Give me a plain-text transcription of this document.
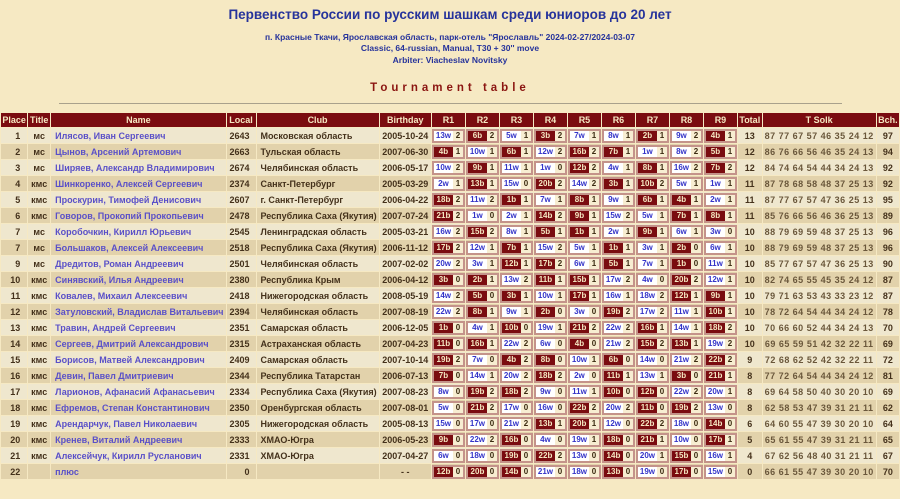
Первенство России по русским шашкам среди юниоров до 20 лет
п. Красные Ткачи, Ярославская область, парк-отель "Ярославль" 2024-02-27/2024-03-07
Classic, 64-russian, Manual, T30 + 30'' move
Arbiter: Viacheslav Novitsky
Tournament table
Place	Title	Name	Local	Club	Birthday	R1	R2	R3	R4	R5	R6	R7	R8	R9	Total	T Solk	Bch.
1	мс	Илясов, Иван Сергеевич	2643	Московская область	2005-10-24	13w 2	6b 2	5w 1	3b 2	7w 1	8w 1	2b 1	9w 2	4b 1	13	87 77 67 57 46 35 24 12	97
2	мс	Цынов, Арсений Артемович	2663	Тульская область	2007-06-30	4b 1	10w 1	6b 1	12w 2	16b 2	7b 1	1w 1	8w 2	5b 1	12	86 76 66 56 46 35 24 13	94
3	мс	Ширяев, Александр Владимирович	2674	Челябинская область	2006-05-17	10w 2	9b 1	11w 1	1w 0	12b 2	4w 1	8b 1	16w 2	7b 2	12	84 74 64 54 44 34 24 13	92
4	кмс	Шинкоренко, Алексей Сергеевич	2374	Санкт-Петербург	2005-03-29	2w 1	13b 1	15w 0	20b 2	14w 2	3b 1	10b 2	5w 1	1w 1	11	87 78 68 58 48 37 25 13	92
5	кмс	Проскурин, Тимофей Денисович	2607	г. Санкт-Петербург	2006-04-22	18b 2	11w 2	1b 1	7w 1	8b 1	9w 1	6b 1	4b 1	2w 1	11	87 77 67 57 47 36 25 13	95
6	кмс	Говоров, Прокопий Прокопьевич	2478	Республика Саха (Якутия)	2007-07-24	21b 2	1w 0	2w 1	14b 2	9b 1	15w 2	5w 1	7b 1	8b 1	11	85 76 66 56 46 36 25 13	89
7	мс	Коробочкин, Кирилл Юрьевич	2545	Ленинградская область	2005-03-21	16w 2	15b 2	8w 1	5b 1	1b 1	2w 1	9b 1	6w 1	3w 0	10	88 79 69 59 48 37 25 13	96
7	мс	Большаков, Алексей Алексеевич	2518	Республика Саха (Якутия)	2006-11-12	17b 2	12w 1	7b 1	15w 2	5w 1	1b 1	3w 1	2b 0	6w 1	10	88 79 69 59 48 37 25 13	96
9	мс	Дредитов, Роман Андреевич	2501	Челябинская область	2007-02-02	20w 2	3w 1	12b 1	17b 2	6w 1	5b 1	7w 1	1b 0	11w 1	10	85 77 67 57 47 36 25 13	90
10	кмс	Синявский, Илья Андреевич	2380	Республика Крым	2006-04-12	3b 0	2b 1	13w 2	11b 1	15b 1	17w 2	4w 0	20b 2	12w 1	10	82 74 65 55 45 35 24 12	87
11	кмс	Ковалев, Михаил Алексеевич	2418	Нижегородская область	2008-05-19	14w 2	5b 0	3b 1	10w 1	17b 1	16w 1	18w 2	12b 1	9b 1	10	79 71 63 53 43 33 23 12	87
12	кмс	Затуловский, Владислав Витальевич	2394	Челябинская область	2007-08-19	22w 2	8b 1	9w 1	2b 0	3w 0	19b 2	17w 2	11w 1	10b 1	10	78 72 64 54 44 34 24 12	78
13	кмс	Травин, Андрей Сергеевич	2351	Самарская область	2006-12-05	1b 0	4w 1	10b 0	19w 1	21b 2	22w 2	16b 1	14w 1	18b 2	10	70 66 60 52 44 34 24 13	70
14	кмс	Сергеев, Дмитрий Александрович	2315	Астраханская область	2007-04-23	11b 0	16b 1	22w 2	6w 0	4b 0	21w 2	15b 2	13b 1	19w 2	10	69 65 59 51 42 32 22 11	69
15	кмс	Борисов, Матвей Александрович	2409	Самарская область	2007-10-14	19b 2	7w 0	4b 2	8b 0	10w 1	6b 0	14w 0	21w 2	22b 2	9	72 68 62 52 42 32 22 11	72
16	кмс	Девин, Павел Дмитриевич	2344	Республика Татарстан	2006-07-13	7b 0	14w 1	20w 2	18b 2	2w 0	11b 1	13w 1	3b 0	21b 1	8	77 72 64 54 44 34 24 12	81
17	кмс	Ларионов, Афанасий Афанасьевич	2334	Республика Саха (Якутия)	2007-08-23	8w 0	19b 2	18b 2	9w 0	11w 1	10b 0	12b 0	22w 2	20w 1	8	69 64 58 50 40 30 20 10	69
18	кмс	Ефремов, Степан Константинович	2350	Оренбургская область	2007-08-01	5w 0	21b 2	17w 0	16w 0	22b 2	20w 2	11b 0	19b 2	13w 0	8	62 58 53 47 39 31 21 11	62
19	кмс	Арендарчук, Павел Николаевич	2305	Нижегородская область	2005-08-13	15w 0	17w 0	21w 2	13b 1	20b 1	12w 0	22b 2	18w 0	14b 0	6	64 60 55 47 39 30 20 10	64
20	кмс	Кренев, Виталий Андреевич	2333	ХМАО-Югра	2006-05-23	9b 0	22w 2	16b 0	4w 0	19w 1	18b 0	21b 1	10w 0	17b 1	5	65 61 55 47 39 31 21 11	65
21	кмс	Алексейчук, Кирилл Русланович	2331	ХМАО-Югра	2007-04-27	6w 0	18w 0	19b 0	22b 2	13w 0	14b 0	20w 1	15b 0	16w 1	4	67 62 56 48 40 31 21 11	67
22		плюс	0		- -	12b 0	20b 0	14b 0	21w 0	18w 0	13b 0	19w 0	17b 0	15w 0	0	66 61 55 47 39 30 20 10	70
